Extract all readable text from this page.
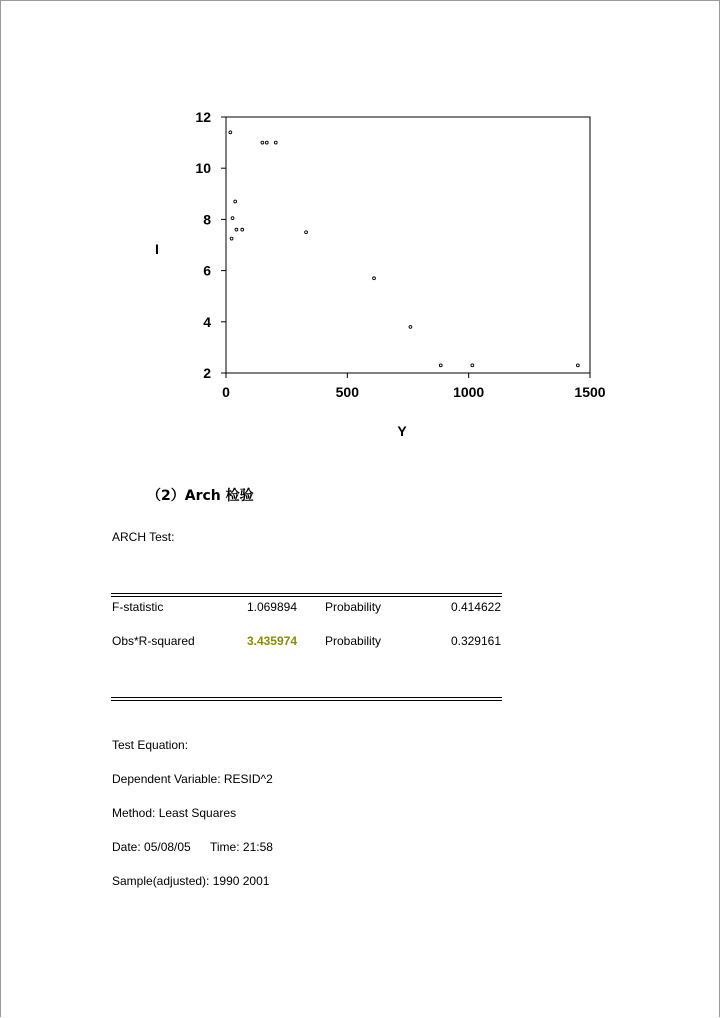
2
4
6
8
10
12
0	500	1000	1500
Y
I
（2）Arch 检验
ARCH Test:
F-statistic	1.069894 Probability	0.414622
Obs*R-squared	3.435974 Probability	0.329161
Test Equation:
Dependent Variable: RESID^2
Method: Least Squares
Date: 05/08/05 Time: 21:58
Sample(adjusted): 1990 2001
